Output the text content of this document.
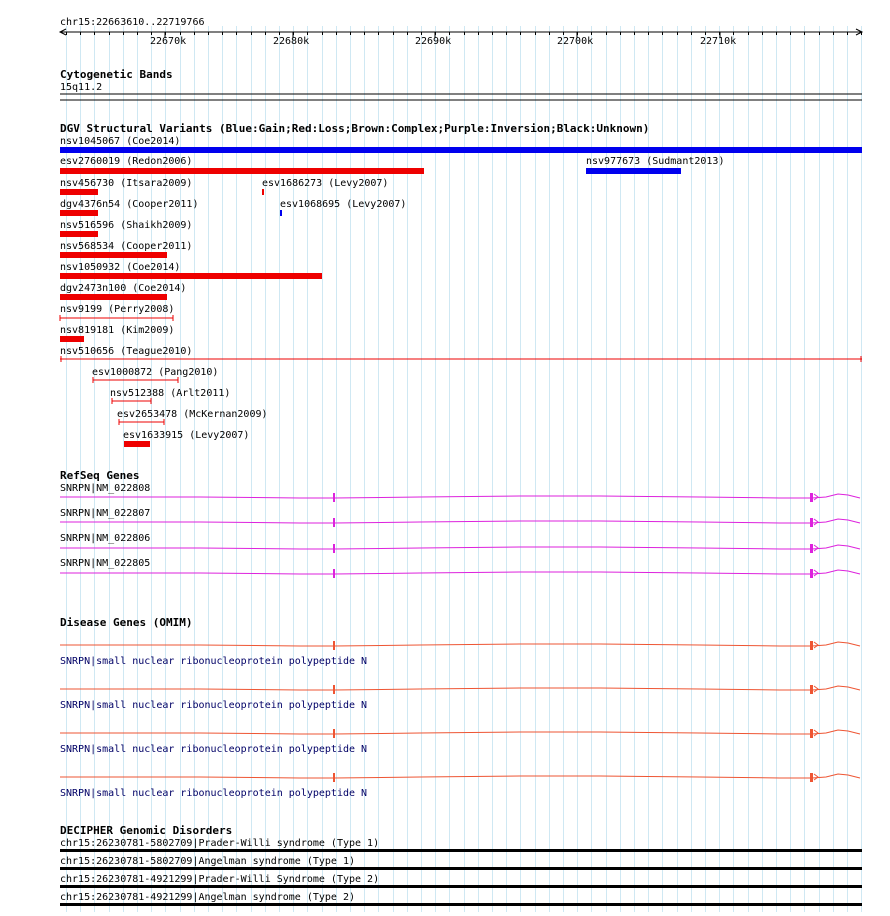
chr15:22663610..22719766
22670k	22680k	22690k	22700k	22710k
Cytogenetic Bands
15q11.2
DGV Structural Variants (Blue:Gain;Red:Loss;Brown:Complex;Purple:Inversion;Black:Unknown)
nsv1045067 (Coe2014)
esv2760019 (Redon2006)	nsv977673 (Sudmant2013)
nsv456730 (Itsara2009)	esv1686273 (Levy2007)
dgv4376n54 (Cooper2011)	esv1068695 (Levy2007)
nsv516596 (Shaikh2009)
nsv568534 (Cooper2011)
nsv1050932 (Coe2014)
dgv2473n100 (Coe2014)
nsv9199 (Perry2008)
nsv819181 (Kim2009)
nsv510656 (Teague2010)
esv1000872 (Pang2010)
nsv512388 (Arlt2011)
esv2653478 (McKernan2009)
esv1633915 (Levy2007)
RefSeq Genes
SNRPN|NM_022808
SNRPN|NM_022807
SNRPN|NM_022806
SNRPN|NM_022805
Disease Genes (OMIM)
SNRPN|small nuclear ribonucleoprotein polypeptide N
SNRPN|small nuclear ribonucleoprotein polypeptide N
SNRPN|small nuclear ribonucleoprotein polypeptide N
SNRPN|small nuclear ribonucleoprotein polypeptide N
DECIPHER Genomic Disorders
chr15:26230781-5802709|Prader-Willi syndrome (Type 1)
chr15:26230781-5802709|Angelman syndrome (Type 1)
chr15:26230781-4921299|Prader-Willi Syndrome (Type 2)
chr15:26230781-4921299|Angelman syndrome (Type 2)
